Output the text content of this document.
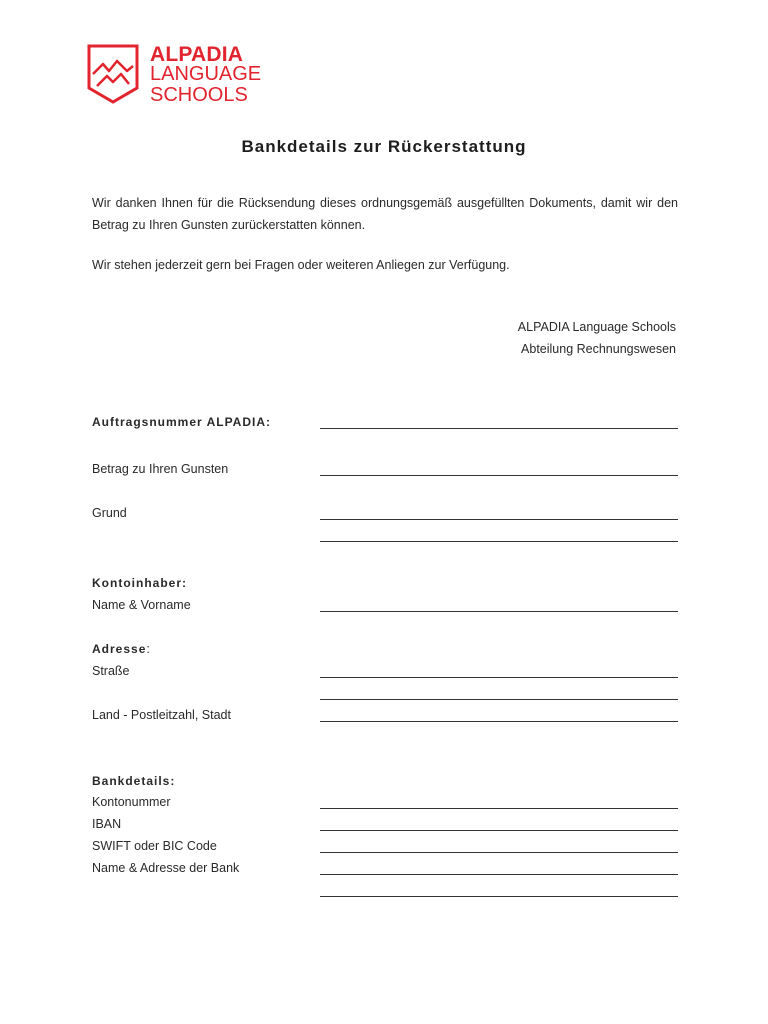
ALPADIA
LANGUAGE
SCHOOLS
Bankdetails zur Rückerstattung
Wir danken Ihnen für die Rücksendung dieses ordnungsgemäß ausgefüllten Dokuments, damit wir den Betrag zu Ihren Gunsten zurückerstatten können.
Wir stehen jederzeit gern bei Fragen oder weiteren Anliegen zur Verfügung.
ALPADIA Language Schools
Abteilung Rechnungswesen
Auftragsnummer ALPADIA:
Betrag zu Ihren Gunsten
Grund
Kontoinhaber:
Name & Vorname
Adresse:
Straße
Land - Postleitzahl, Stadt
Bankdetails:
Kontonummer
IBAN
SWIFT oder BIC Code
Name & Adresse der Bank
